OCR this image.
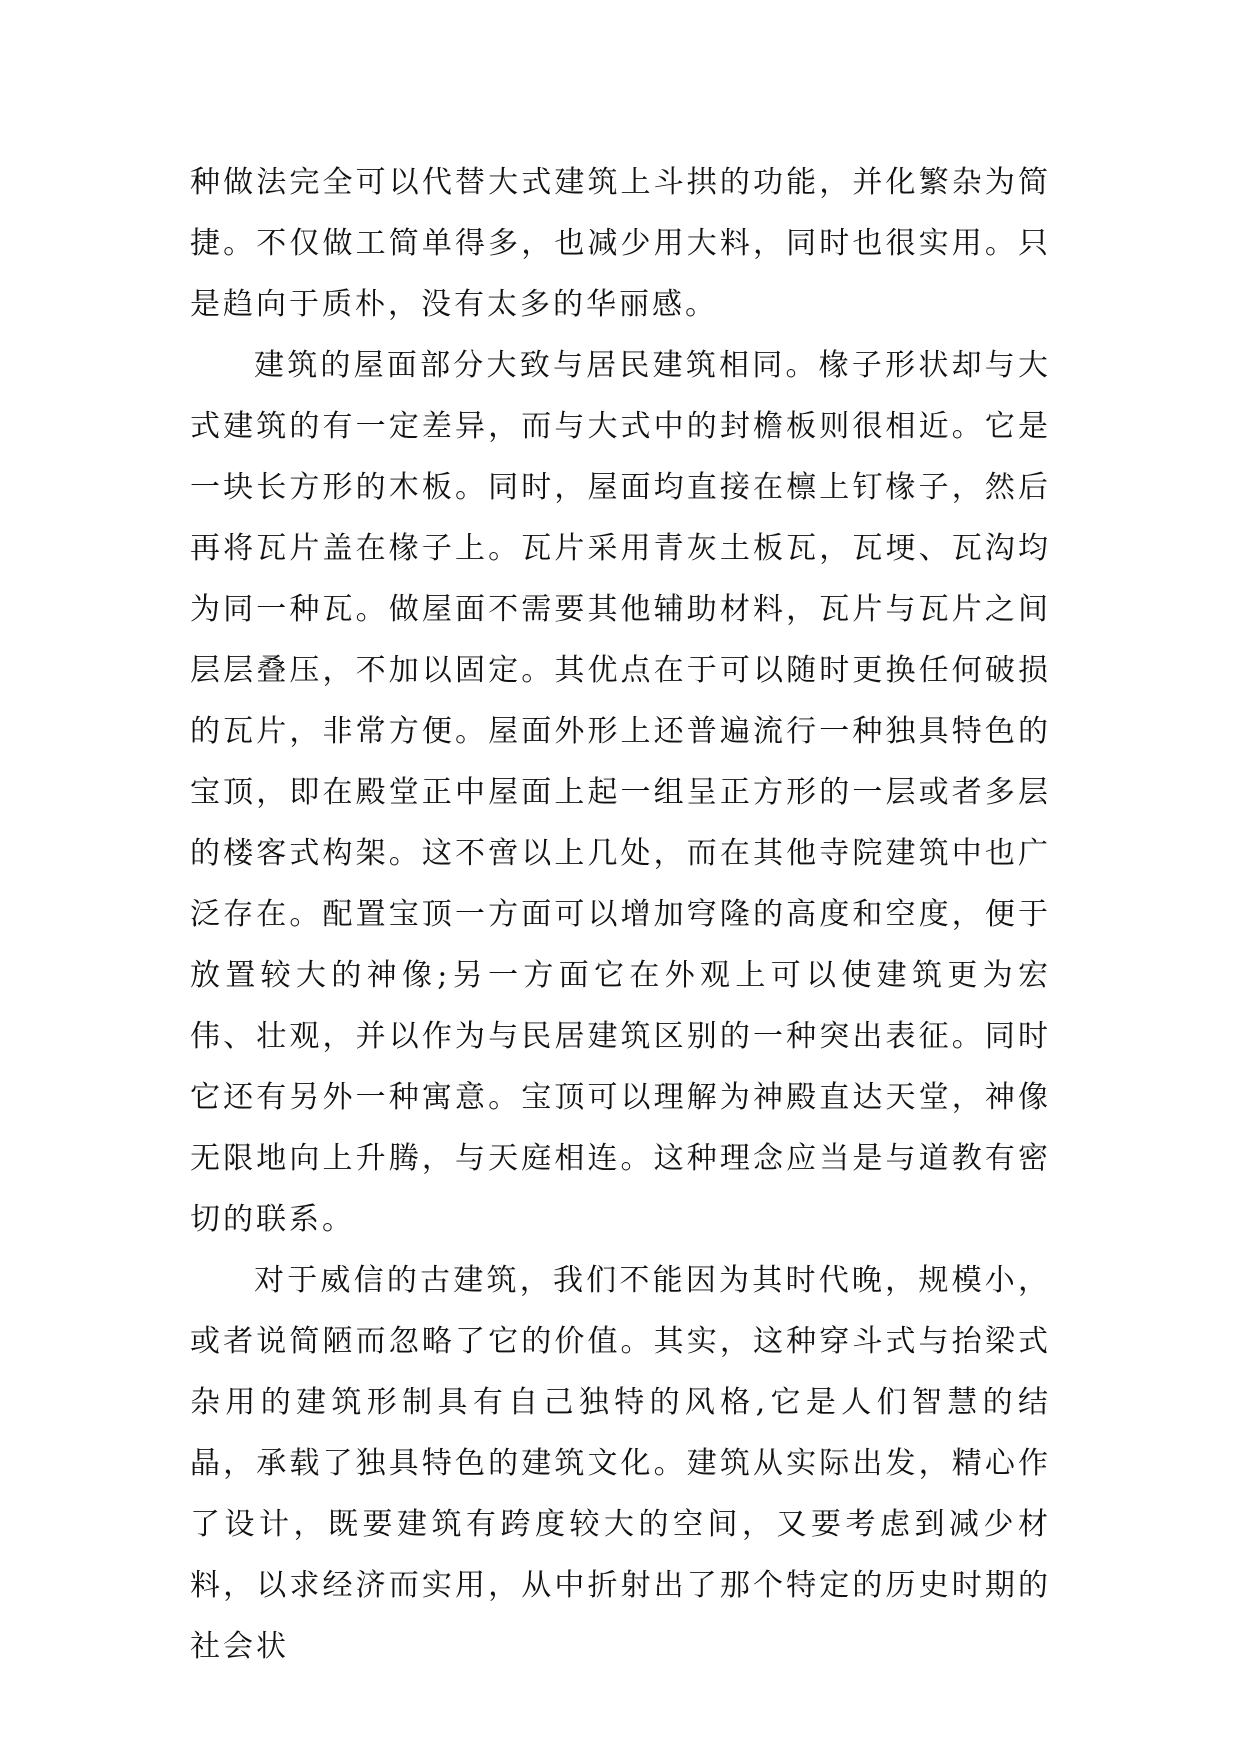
种做法完全可以代替大式建筑上斗拱的功能，并化繁杂为简捷。不仅做工简单得多，也减少用大料，同时也很实用。只是趋向于质朴，没有太多的华丽感。

建筑的屋面部分大致与居民建筑相同。椽子形状却与大式建筑的有一定差异，而与大式中的封檐板则很相近。它是一块长方形的木板。同时，屋面均直接在檩上钉椽子，然后再将瓦片盖在椽子上。瓦片采用青灰土板瓦，瓦埂、瓦沟均为同一种瓦。做屋面不需要其他辅助材料，瓦片与瓦片之间层层叠压，不加以固定。其优点在于可以随时更换任何破损的瓦片，非常方便。屋面外形上还普遍流行一种独具特色的宝顶，即在殿堂正中屋面上起一组呈正方形的一层或者多层的楼客式构架。这不啻以上几处，而在其他寺院建筑中也广泛存在。配置宝顶一方面可以增加穹隆的高度和空度，便于放置较大的神像;另一方面它在外观上可以使建筑更为宏伟、壮观，并以作为与民居建筑区别的一种突出表征。同时它还有另外一种寓意。宝顶可以理解为神殿直达天堂，神像无限地向上升腾，与天庭相连。这种理念应当是与道教有密切的联系。

对于威信的古建筑，我们不能因为其时代晚，规模小，或者说简陋而忽略了它的价值。其实，这种穿斗式与抬梁式杂用的建筑形制具有自己独特的风格,它是人们智慧的结晶，承载了独具特色的建筑文化。建筑从实际出发，精心作了设计，既要建筑有跨度较大的空间，又要考虑到减少材料，以求经济而实用，从中折射出了那个特定的历史时期的社会状
